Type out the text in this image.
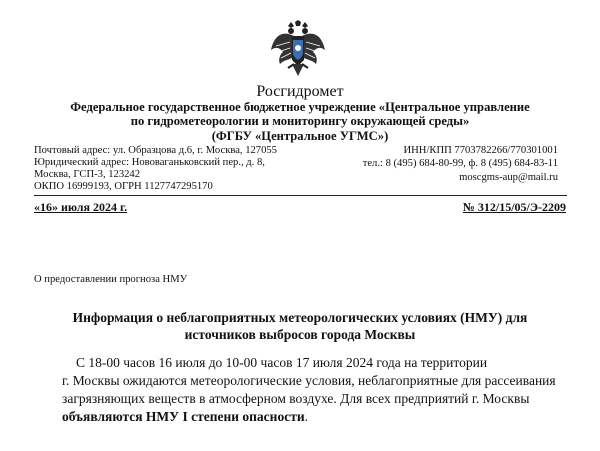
Росгидромет
Федеральное государственное бюджетное учреждение «Центральное управление
по гидрометеорологии и мониторингу окружающей среды»
(ФГБУ «Центральное УГМС»)
Почтовый адрес: ул. Образцова д.6, г. Москва, 127055
Юридический адрес: Нововаганьковский пер., д. 8,
Москва, ГСП-3, 123242
ОКПО 16999193, ОГРН 1127747295170
ИНН/КПП 7703782266/770301001
тел.: 8 (495) 684-80-99, ф. 8 (495) 684-83-11
moscgms-aup@mail.ru
«16» июля 2024 г.	№ 312/15/05/Э-2209
О предоставлении прогноза НМУ
Информация о неблагоприятных метеорологических условиях (НМУ) для
источников выбросов города Москвы
С 18-00 часов 16 июля до 10-00 часов 17 июля 2024 года на территории
г. Москвы ожидаются метеорологические условия, неблагоприятные для рассеивания
загрязняющих веществ в атмосферном воздухе. Для всех предприятий г. Москвы
объявляются НМУ I степени опасности.
